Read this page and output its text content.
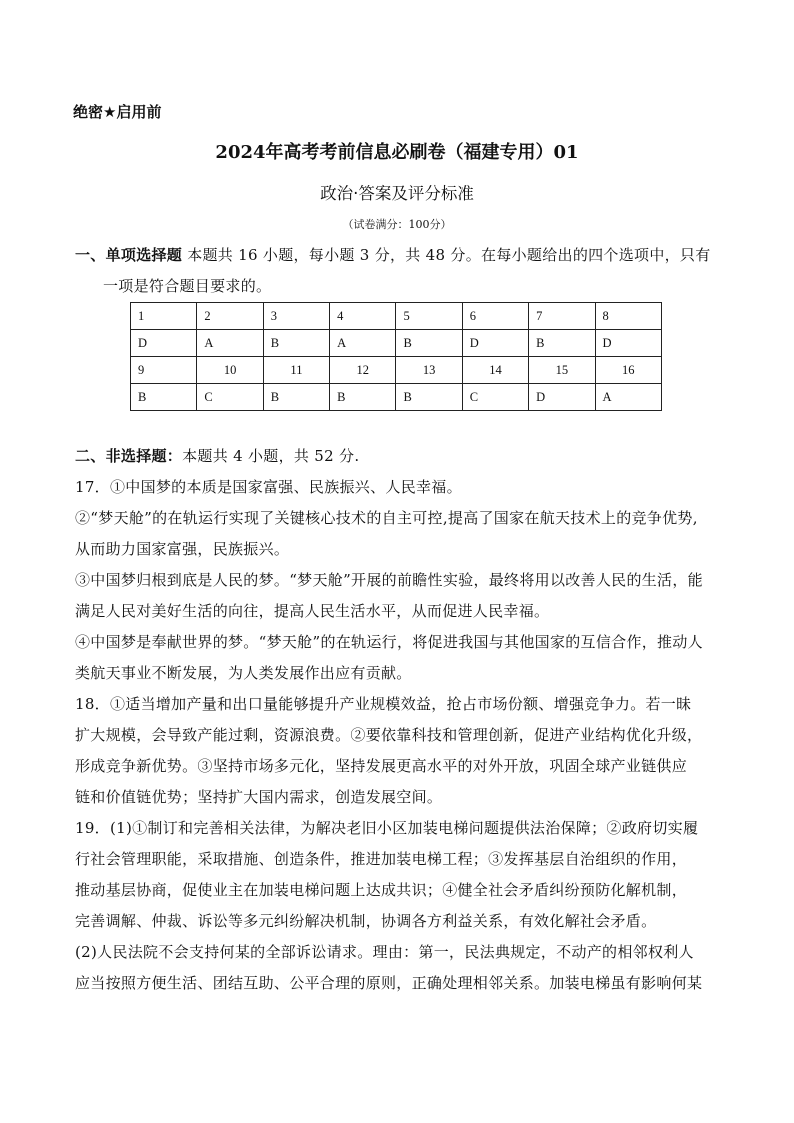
绝密★启用前
2024年高考考前信息必刷卷（福建专用）01
政治·答案及评分标准
（试卷满分：100分）
一、单项选择题 本题共 16 小题，每小题 3 分，共 48 分。在每小题给出的四个选项中，只有
一项是符合题目要求的。
1	2	3	4	5	6	7	8
D	A	B	A	B	D	B	D
9	10	11	12	13	14	15	16
B	C	B	B	B	C	D	A
二、非选择题：本题共 4 小题，共 52 分.
17．①中国梦的本质是国家富强、民族振兴、人民幸福。
②“梦天舱”的在轨运行实现了关键核心技术的自主可控,提高了国家在航天技术上的竞争优势,
从而助力国家富强，民族振兴。
③中国梦归根到底是人民的梦。“梦天舱”开展的前瞻性实验，最终将用以改善人民的生活，能
满足人民对美好生活的向往，提高人民生活水平，从而促进人民幸福。
④中国梦是奉献世界的梦。“梦天舱”的在轨运行，将促进我国与其他国家的互信合作，推动人
类航天事业不断发展，为人类发展作出应有贡献。
18．①适当增加产量和出口量能够提升产业规模效益，抢占市场份额、增强竞争力。若一昧
扩大规模，会导致产能过剩，资源浪费。②要依靠科技和管理创新，促进产业结构优化升级，
形成竞争新优势。③坚持市场多元化，坚持发展更高水平的对外开放，巩固全球产业链供应
链和价值链优势；坚持扩大国内需求，创造发展空间。
19．(1)①制订和完善相关法律，为解决老旧小区加装电梯问题提供法治保障；②政府切实履
行社会管理职能，采取措施、创造条件，推进加装电梯工程；③发挥基层自治组织的作用，
推动基层协商，促使业主在加装电梯问题上达成共识；④健全社会矛盾纠纷预防化解机制，
完善调解、仲裁、诉讼等多元纠纷解决机制，协调各方利益关系，有效化解社会矛盾。
(2)人民法院不会支持何某的全部诉讼请求。理由：第一，民法典规定，不动产的相邻权利人
应当按照方便生活、团结互助、公平合理的原则，正确处理相邻关系。加装电梯虽有影响何某
